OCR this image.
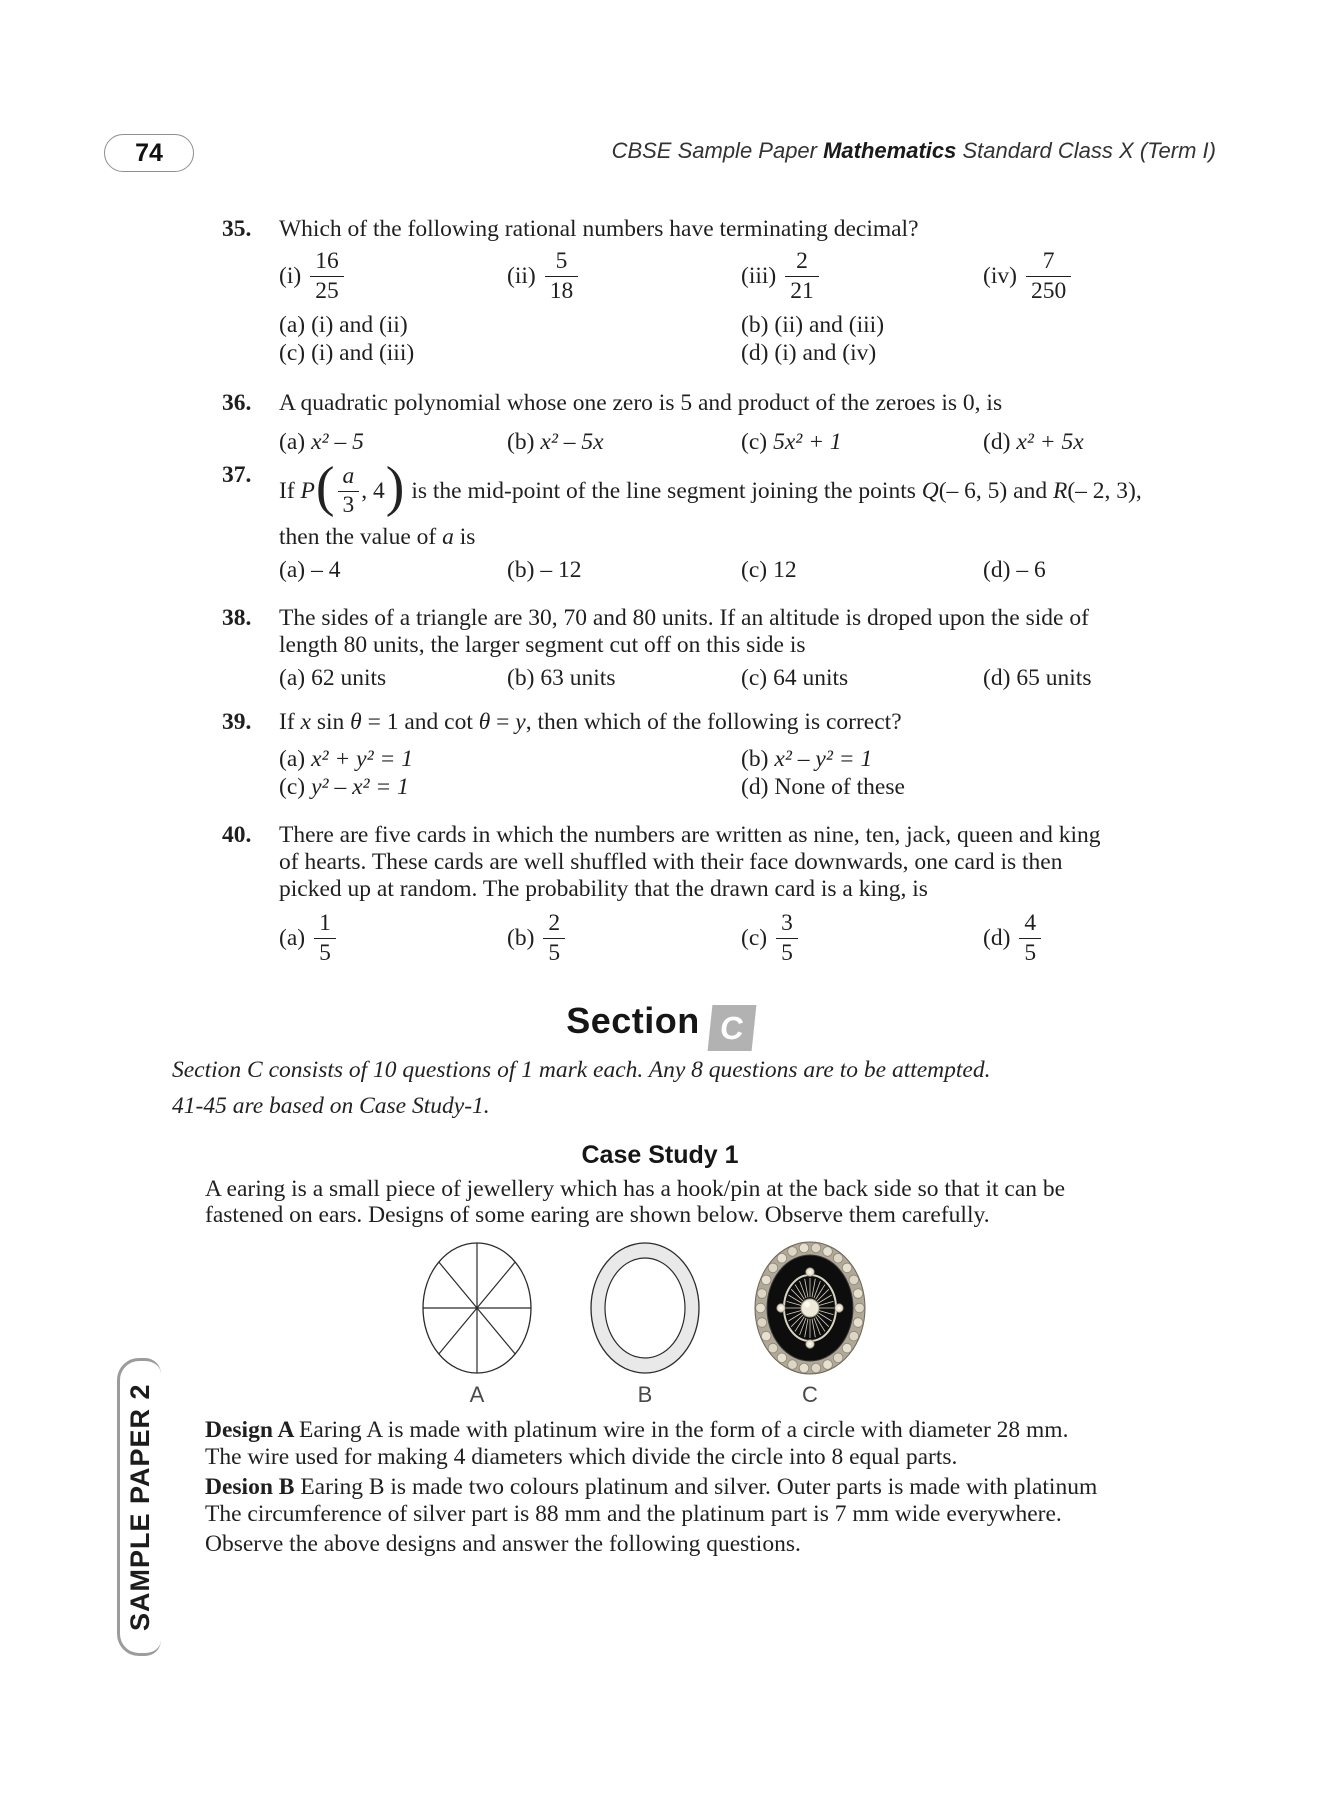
74	CBSE Sample Paper Mathematics Standard Class X (Term I)
35. Which of the following rational numbers have terminating decimal?
$(i) \frac{16}{25}$	$(ii) \frac{5}{18}$	$(iii) \frac{2}{21}$	$(iv) \frac{7}{250}$
(a) (i) and (ii)	(b) (ii) and (iii)
(c) (i) and (iii)	(d) (i) and (iv)
36. A quadratic polynomial whose one zero is 5 and product of the zeroes is 0, is
(a) x² – 5	(b) x² – 5x	(c) 5x² + 1	(d) x² + 5x
37.
If P ( $\frac{a}{3}$ , 4 ) is the mid-point of the line segment joining the points Q (– 6, 5) and R (– 2, 3),
then the value of a is
(a) – 4	(b) – 12	(c) 12	(d) – 6
38. The sides of a triangle are 30, 70 and 80 units. If an altitude is droped upon the side of
length 80 units, the larger segment cut off on this side is
(a) 62 units	(b) 63 units	(c) 64 units	(d) 65 units
39. If x sin θ = 1 and cot θ = y, then which of the following is correct?
(a) x² + y² = 1	(b) x² – y² = 1
(c) y² – x² = 1	(d) None of these
40. There are five cards in which the numbers are written as nine, ten, jack, queen and king
of hearts. These cards are well shuffled with their face downwards, one card is then
picked up at random. The probability that the drawn card is a king, is
$(a) \frac{1}{5}$	$(b) \frac{2}{5}$	$(c) \frac{3}{5}$	$(d) \frac{4}{5}$
Section C
Section C consists of 10 questions of 1 mark each. Any 8 questions are to be attempted.
41-45 are based on Case Study-1.
Case Study 1
A earing is a small piece of jewellery which has a hook/pin at the back side so that it can be
fastened on ears. Designs of some earing are shown below. Observe them carefully.
A	B	C
Design A Earing A is made with platinum wire in the form of a circle with diameter 28 mm.
The wire used for making 4 diameters which divide the circle into 8 equal parts.
Desion B Earing B is made two colours platinum and silver. Outer parts is made with platinum
The circumference of silver part is 88 mm and the platinum part is 7 mm wide everywhere.
Observe the above designs and answer the following questions.
SAMPLE PAPER 2
